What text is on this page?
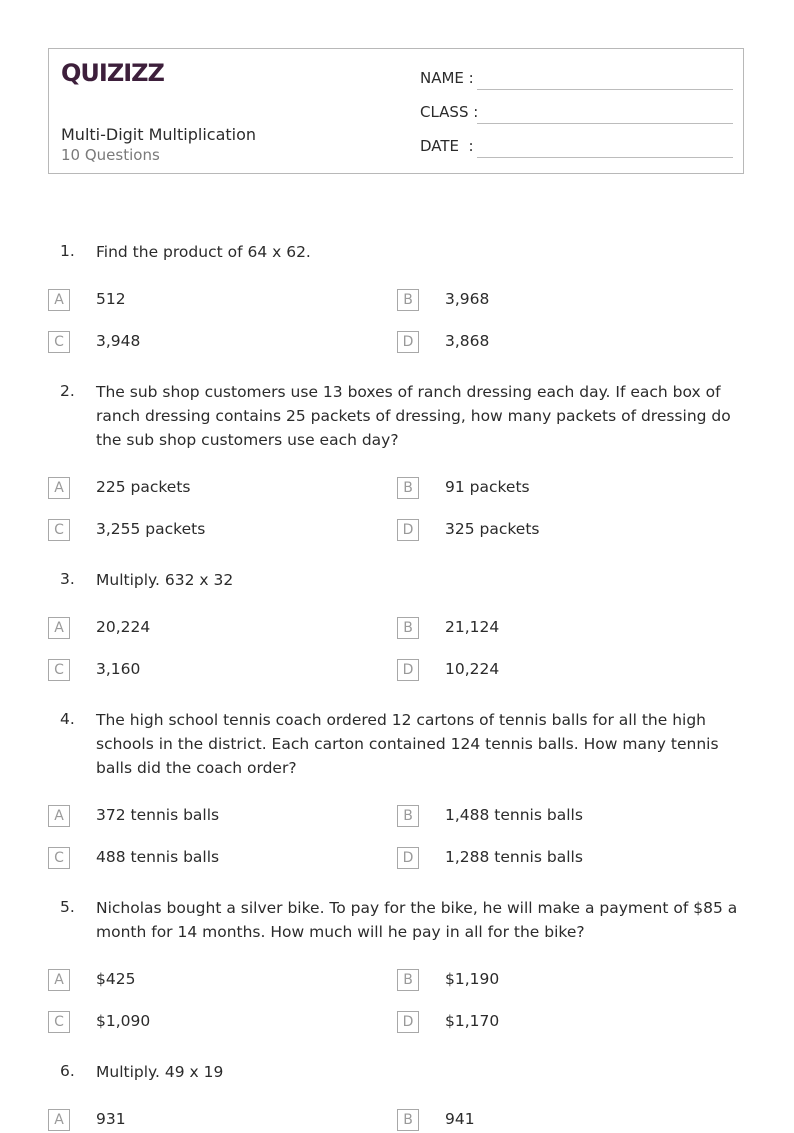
QUIZIZZ
Multi-Digit Multiplication
10 Questions
NAME :
CLASS :
DATE  :
1. Find the product of 64 x 62.
A	512	B	3,968
C	3,948	D	3,868
2. The sub shop customers use 13 boxes of ranch dressing each day. If each box of ranch dressing contains 25 packets of dressing, how many packets of dressing do the sub shop customers use each day?
A	225 packets	B	91 packets
C	3,255 packets	D	325 packets
3. Multiply. 632 x 32
A	20,224	B	21,124
C	3,160	D	10,224
4. The high school tennis coach ordered 12 cartons of tennis balls for all the high schools in the district. Each carton contained 124 tennis balls. How many tennis balls did the coach order?
A	372 tennis balls	B	1,488 tennis balls
C	488 tennis balls	D	1,288 tennis balls
5. Nicholas bought a silver bike. To pay for the bike, he will make a payment of $85 a month for 14 months. How much will he pay in all for the bike?
A	$425	B	$1,190
C	$1,090	D	$1,170
6. Multiply. 49 x 19
A	931	B	941
